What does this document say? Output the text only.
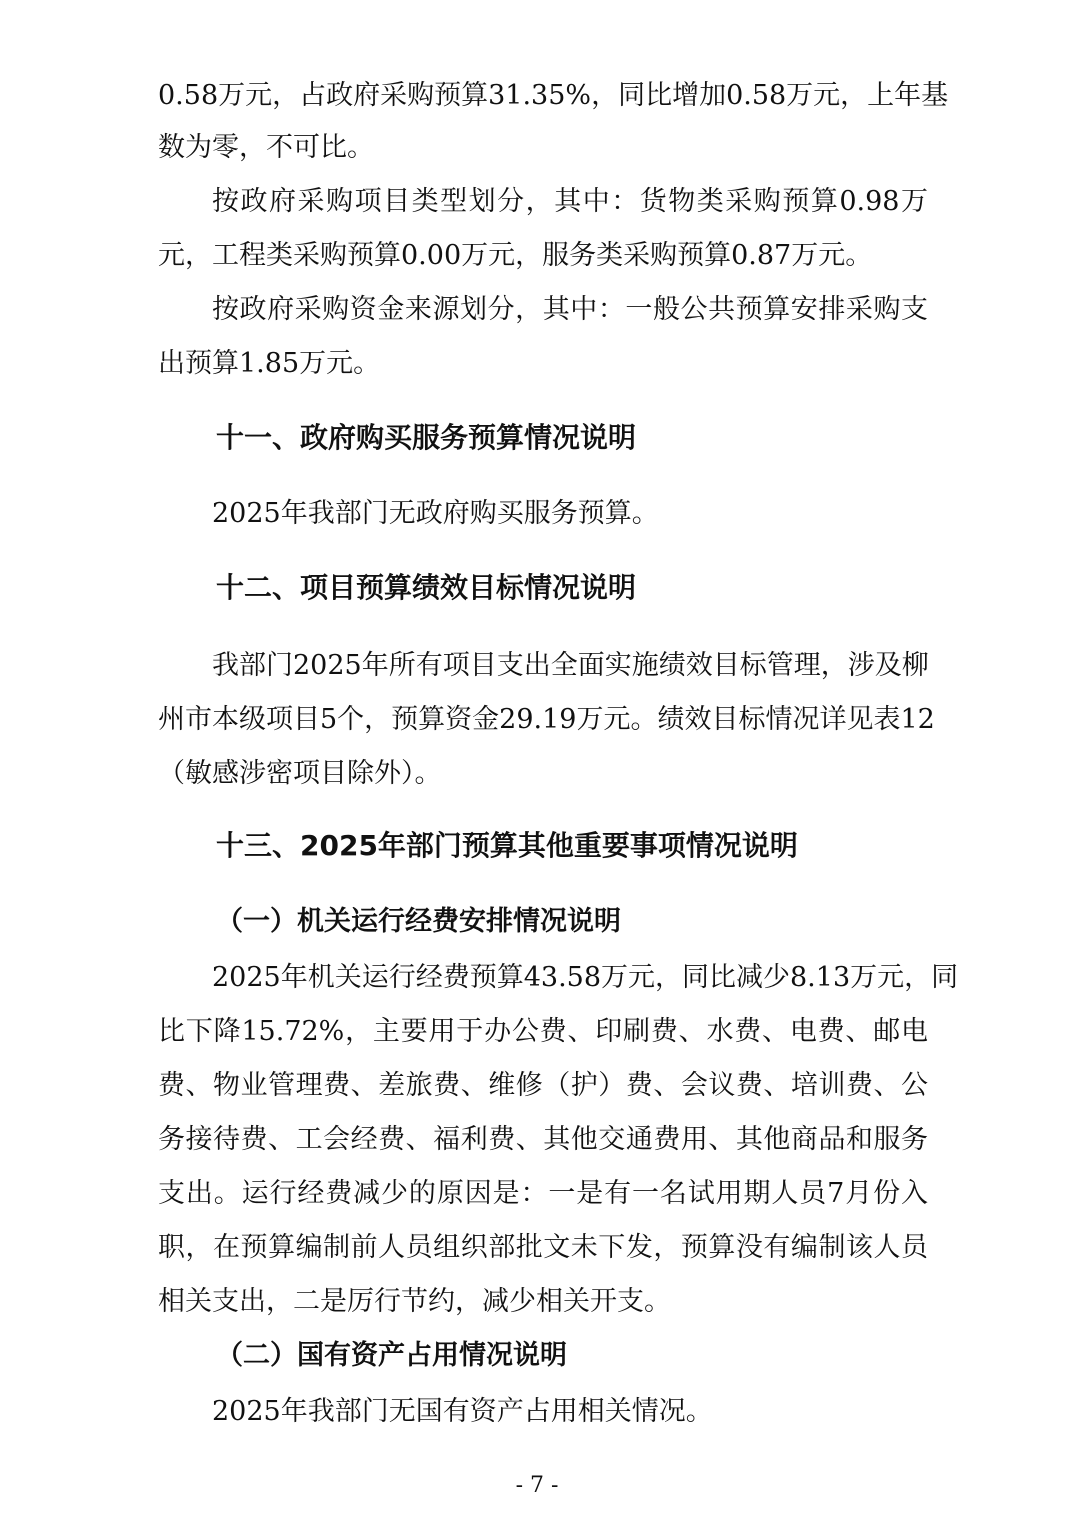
0.58万元，占政府采购预算31.35%，同比增加0.58万元，上年基
数为零，不可比。
按政府采购项目类型划分，其中：货物类采购预算0.98万
元，工程类采购预算0.00万元，服务类采购预算0.87万元。
按政府采购资金来源划分，其中：一般公共预算安排采购支
出预算1.85万元。
十一、政府购买服务预算情况说明
2025年我部门无政府购买服务预算。
十二、项目预算绩效目标情况说明
我部门2025年所有项目支出全面实施绩效目标管理，涉及柳
州市本级项目5个，预算资金29.19万元。绩效目标情况详见表12
（敏感涉密项目除外）。
十三、2025年部门预算其他重要事项情况说明
（一）机关运行经费安排情况说明
2025年机关运行经费预算43.58万元，同比减少8.13万元，同
比下降15.72%，主要用于办公费、印刷费、水费、电费、邮电
费、物业管理费、差旅费、维修（护）费、会议费、培训费、公
务接待费、工会经费、福利费、其他交通费用、其他商品和服务
支出。运行经费减少的原因是：一是有一名试用期人员7月份入
职，在预算编制前人员组织部批文未下发，预算没有编制该人员
相关支出，二是厉行节约，减少相关开支。
（二）国有资产占用情况说明
2025年我部门无国有资产占用相关情况。
- 7 -
